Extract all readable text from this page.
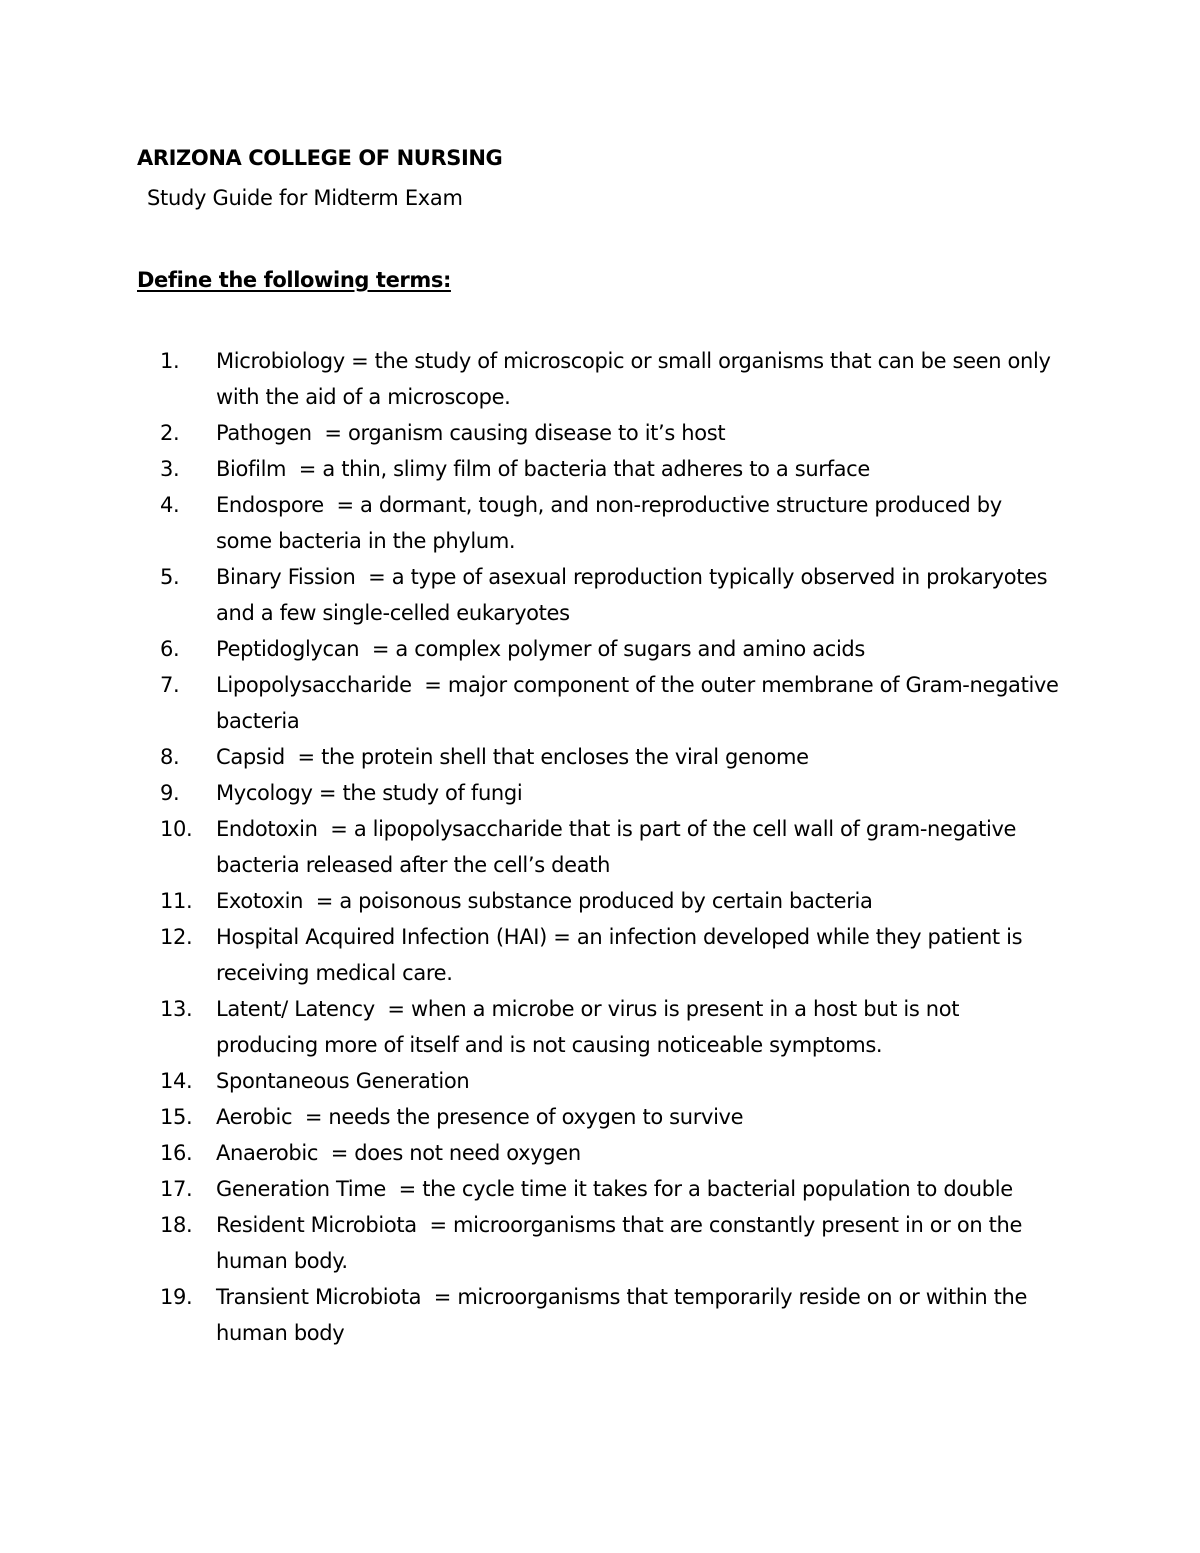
ARIZONA COLLEGE OF NURSING
Study Guide for Midterm Exam
Define the following terms:
1.	Microbiology = the study of microscopic or small organisms that can be seen only with the aid of a microscope.
2.	Pathogen  = organism causing disease to it’s host
3.	Biofilm  = a thin, slimy film of bacteria that adheres to a surface
4.	Endospore  = a dormant, tough, and non-reproductive structure produced by some bacteria in the phylum.
5.	Binary Fission  = a type of asexual reproduction typically observed in prokaryotes and a few single-celled eukaryotes
6.	Peptidoglycan  = a complex polymer of sugars and amino acids
7.	Lipopolysaccharide  = major component of the outer membrane of Gram-negative bacteria
8.	Capsid  = the protein shell that encloses the viral genome
9.	Mycology = the study of fungi
10.	Endotoxin  = a lipopolysaccharide that is part of the cell wall of gram-negative bacteria released after the cell’s death
11.	Exotoxin  = a poisonous substance produced by certain bacteria
12.	Hospital Acquired Infection (HAI) = an infection developed while they patient is receiving medical care.
13.	Latent/ Latency  = when a microbe or virus is present in a host but is not producing more of itself and is not causing noticeable symptoms.
14.	Spontaneous Generation
15.	Aerobic  = needs the presence of oxygen to survive
16.	Anaerobic  = does not need oxygen
17.	Generation Time  = the cycle time it takes for a bacterial population to double
18.	Resident Microbiota  = microorganisms that are constantly present in or on the human body.
19.	Transient Microbiota  = microorganisms that temporarily reside on or within the human body
